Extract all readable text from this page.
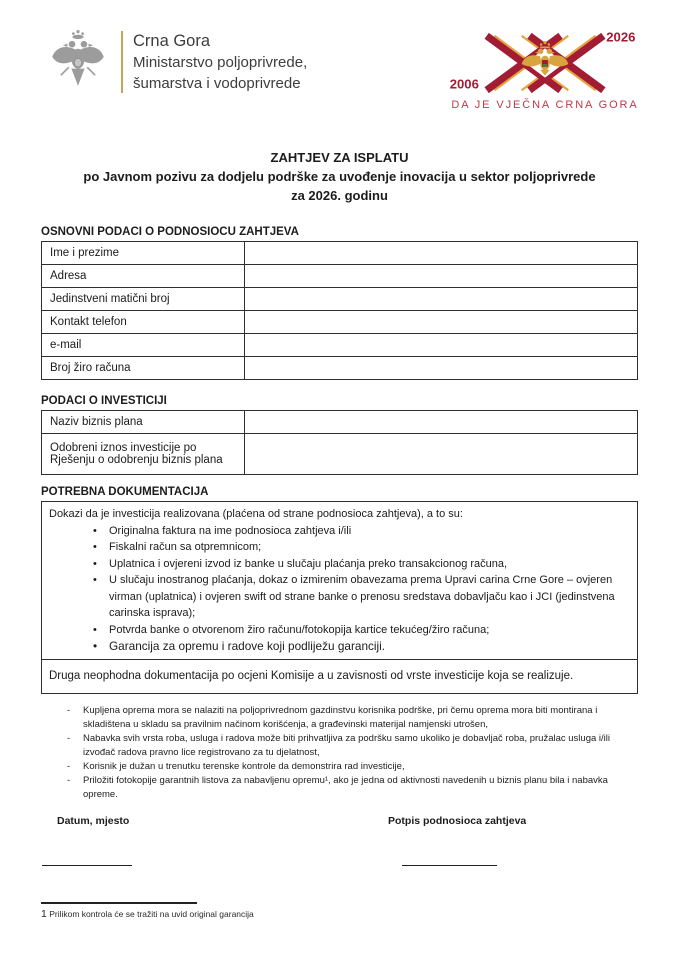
Crna Gora
Ministarstvo poljoprivrede,
šumarstva i vodoprivrede	2006
2026
DA JE VJEČNA CRNA GORA
ZAHTJEV ZA ISPLATU
po Javnom pozivu za dodjelu podrške za uvođenje inovacija u sektor poljoprivrede
za 2026. godinu
OSNOVNI PODACI O PODNOSIOCU ZAHTJEVA
Ime i prezime	
Adresa	
Jedinstveni matični broj	
Kontakt telefon	
e-mail	
Broj žiro računa	
PODACI O INVESTICIJI
Naziv biznis plana	
Odobreni iznos investicije po Rješenju o odobrenju biznis plana	
POTREBNA DOKUMENTACIJA
Dokazi da je investicija realizovana (plaćena od strane podnosioca zahtjeva), a to su:
• Originalna faktura na ime podnosioca zahtjeva i/ili
• Fiskalni račun sa otpremnicom;
• Uplatnica i ovjereni izvod iz banke u slučaju plaćanja preko transakcionog računa,
• U slučaju inostranog plaćanja, dokaz o izmirenim obavezama prema Upravi carina Crne Gore – ovjeren virman (uplatnica) i ovjeren swift od strane banke o prenosu sredstava dobavljaču kao i JCI (jedinstvena carinska isprava);
• Potvrda banke o otvorenom žiro računu/fotokopija kartice tekućeg/žiro računa;
• Garancija za opremu i radove koji podliježu garanciji.
Druga neophodna dokumentacija po ocjeni Komisije a u zavisnosti od vrste investicije koja se realizuje.
- Kupljena oprema mora se nalaziti na poljoprivrednom gazdinstvu korisnika podrške, pri čemu oprema mora biti montirana i skladištena u skladu sa pravilnim načinom korišćenja, a građevinski materijal namjenski utrošen,
- Nabavka svih vrsta roba, usluga i radova može biti prihvatljiva za podršku samo ukoliko je dobavljač roba, pružalac usluga i/ili izvođač radova pravno lice registrovano za tu djelatnost,
- Korisnik je dužan u trenutku terenske kontrole da demonstrira rad investicije,
- Priložiti fotokopije garantnih listova za nabavljenu opremu¹, ako je jedna od aktivnosti navedenih u biznis planu bila i nabavka opreme.
Datum, mjesto	Potpis podnosioca zahtjeva
1 Prilikom kontrola će se tražiti na uvid original garancija
